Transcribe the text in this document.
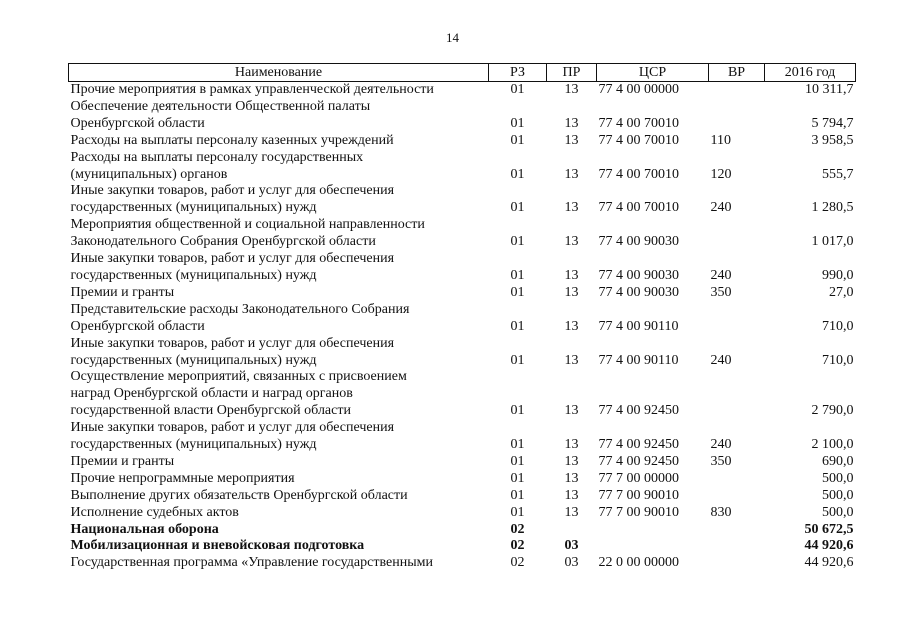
14
Наименование	РЗ	ПР	ЦСР	ВР	2016 год
Прочие мероприятия в рамках управленческой деятельности	01	13	77 4 00 00000		10 311,7
Обеспечение деятельности Общественной палаты
Оренбургской области	01	13	77 4 00 70010		5 794,7
Расходы на выплаты персоналу казенных учреждений	01	13	77 4 00 70010	110	3 958,5
Расходы на выплаты персоналу государственных
(муниципальных) органов	01	13	77 4 00 70010	120	555,7
Иные закупки товаров, работ и услуг для обеспечения
государственных (муниципальных) нужд	01	13	77 4 00 70010	240	1 280,5
Мероприятия общественной и социальной направленности
Законодательного Собрания Оренбургской области	01	13	77 4 00 90030		1 017,0
Иные закупки товаров, работ и услуг для обеспечения
государственных (муниципальных) нужд	01	13	77 4 00 90030	240	990,0
Премии и гранты	01	13	77 4 00 90030	350	27,0
Представительские расходы Законодательного Собрания
Оренбургской области	01	13	77 4 00 90110		710,0
Иные закупки товаров, работ и услуг для обеспечения
государственных (муниципальных) нужд	01	13	77 4 00 90110	240	710,0
Осуществление мероприятий, связанных с присвоением
наград Оренбургской области и наград органов
государственной власти Оренбургской области	01	13	77 4 00 92450		2 790,0
Иные закупки товаров, работ и услуг для обеспечения
государственных (муниципальных) нужд	01	13	77 4 00 92450	240	2 100,0
Премии и гранты	01	13	77 4 00 92450	350	690,0
Прочие непрограммные мероприятия	01	13	77 7 00 00000		500,0
Выполнение других обязательств Оренбургской области	01	13	77 7 00 90010		500,0
Исполнение судебных актов	01	13	77 7 00 90010	830	500,0
Национальная оборона	02				50 672,5
Мобилизационная и вневойсковая подготовка	02	03			44 920,6
Государственная программа «Управление государственными	02	03	22 0 00 00000		44 920,6
